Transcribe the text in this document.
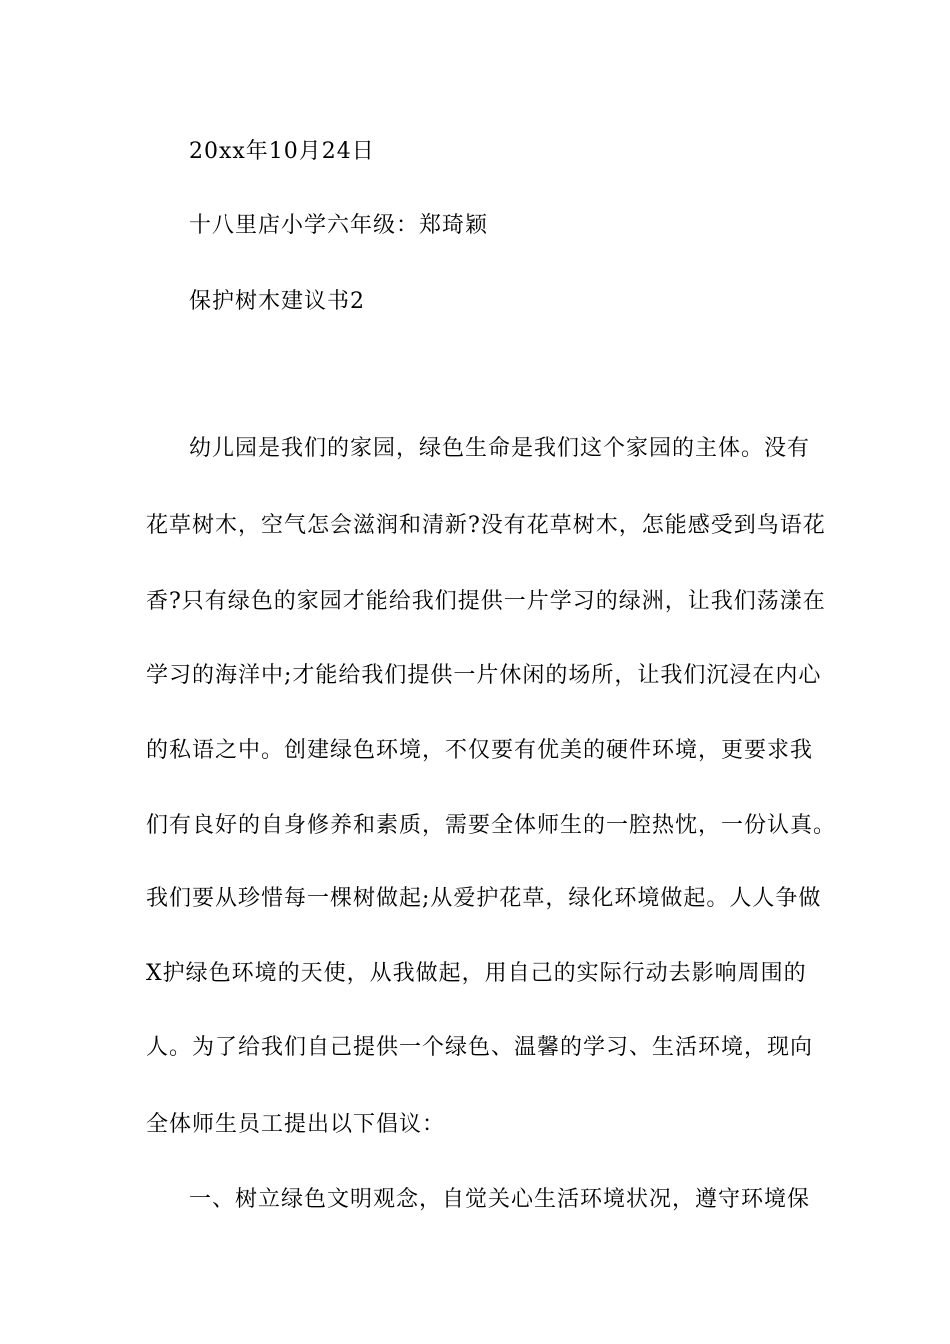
20xx年10月24日
十八里店小学六年级：郑琦颖
保护树木建议书2
幼儿园是我们的家园，绿色生命是我们这个家园的主体。没有
花草树木，空气怎会滋润和清新?没有花草树木，怎能感受到鸟语花
香?只有绿色的家园才能给我们提供一片学习的绿洲，让我们荡漾在
学习的海洋中;才能给我们提供一片休闲的场所，让我们沉浸在内心
的私语之中。创建绿色环境，不仅要有优美的硬件环境，更要求我
们有良好的自身修养和素质，需要全体师生的一腔热忱，一份认真。
我们要从珍惜每一棵树做起;从爱护花草，绿化环境做起。人人争做
X护绿色环境的天使，从我做起，用自己的实际行动去影响周围的
人。为了给我们自己提供一个绿色、温馨的学习、生活环境，现向
全体师生员工提出以下倡议：
一、树立绿色文明观念，自觉关心生活环境状况，遵守环境保
